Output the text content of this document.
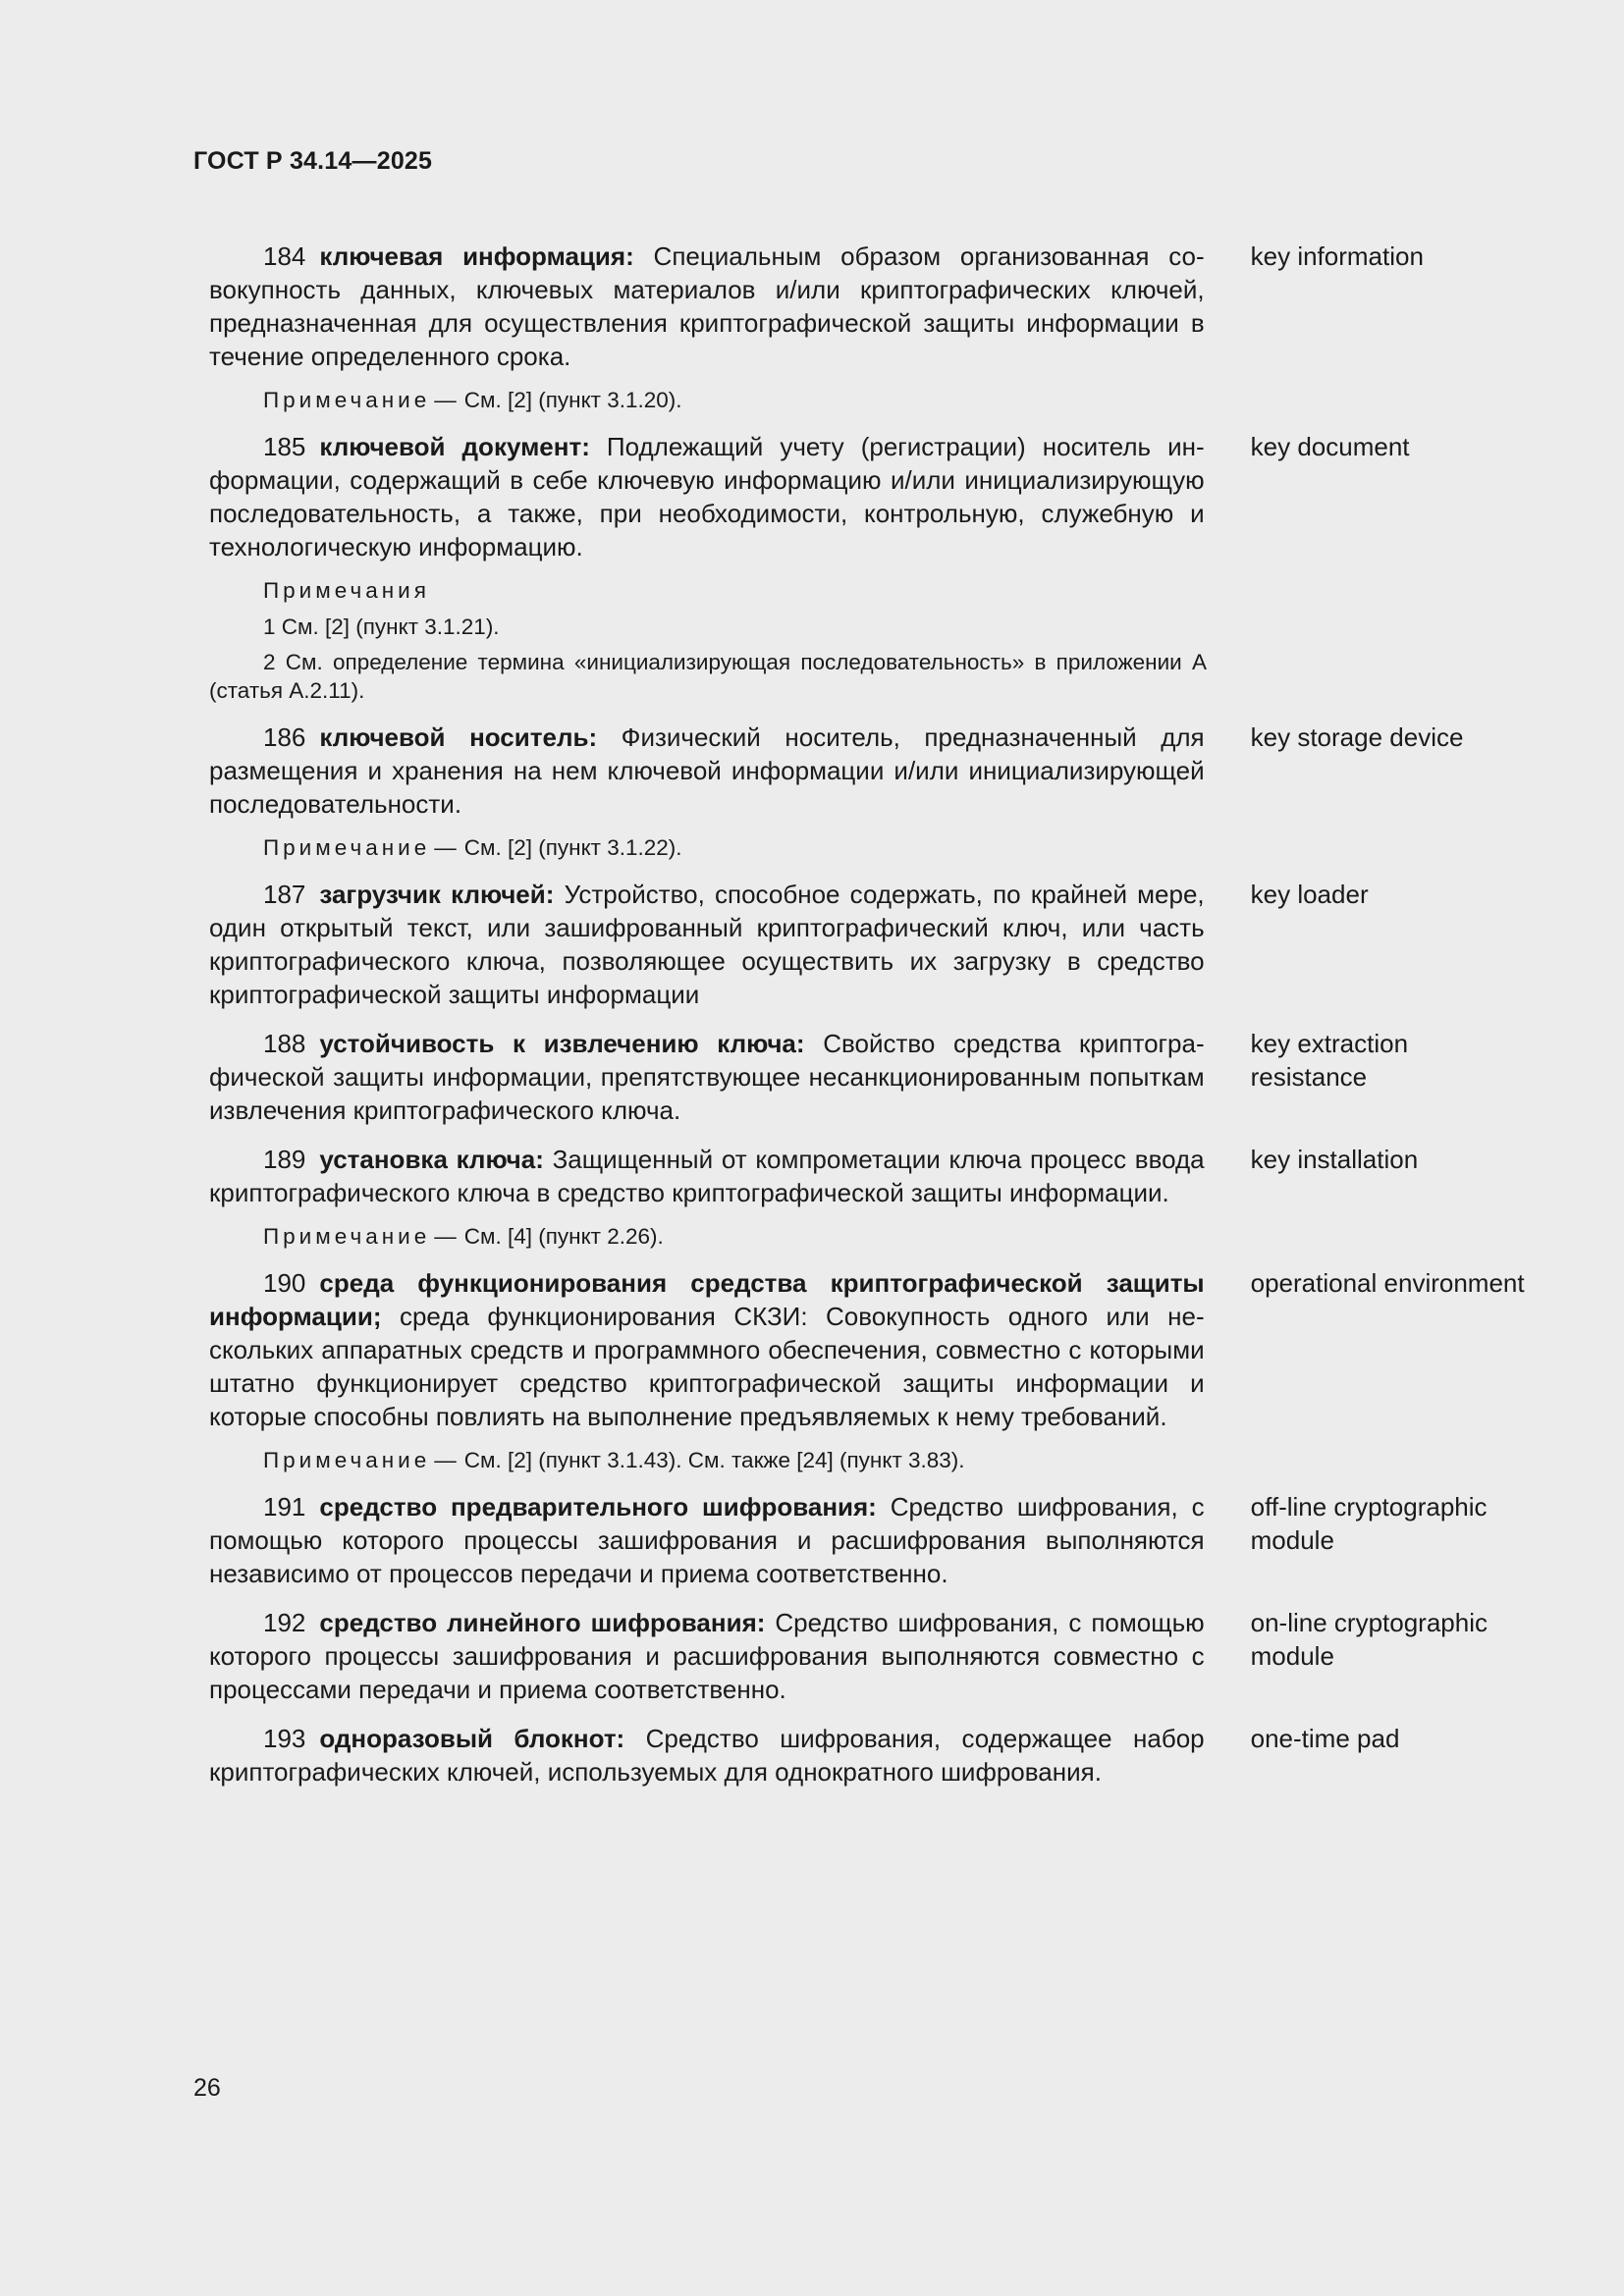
ГОСТ Р 34.14—2025
184 ключевая информация: Специальным образом организованная совокупность данных, ключевых материалов и/или криптографических ключей, предназначенная для осуществления криптографической защиты информации в течение определенного срока.
key information
Примечание — См. [2] (пункт 3.1.20).
185 ключевой документ: Подлежащий учету (регистрации) носитель информации, содержащий в себе ключевую информацию и/или инициализирующую последовательность, а также, при необходимости, контрольную, служебную и технологическую информацию.
key document
Примечания
1 См. [2] (пункт 3.1.21).
2 См. определение термина «инициализирующая последовательность» в приложении А (статья А.2.11).
186 ключевой носитель: Физический носитель, предназначенный для размещения и хранения на нем ключевой информации и/или инициализирующей последовательности.
key storage device
Примечание — См. [2] (пункт 3.1.22).
187 загрузчик ключей: Устройство, способное содержать, по крайней мере, один открытый текст, или зашифрованный криптографический ключ, или часть криптографического ключа, позволяющее осуществить их загрузку в средство криптографической защиты информации
key loader
188 устойчивость к извлечению ключа: Свойство средства криптографической защиты информации, препятствующее несанкционированным попыткам извлечения криптографического ключа.
key extraction resistance
189 установка ключа: Защищенный от компрометации ключа процесс ввода криптографического ключа в средство криптографической защиты информации.
key installation
Примечание — См. [4] (пункт 2.26).
190 среда функционирования средства криптографической защиты информации; среда функционирования СКЗИ: Совокупность одного или нескольких аппаратных средств и программного обеспечения, совместно с которыми штатно функционирует средство криптографической защиты информации и которые способны повлиять на выполнение предъявляемых к нему требований.
operational environment
Примечание — См. [2] (пункт 3.1.43). См. также [24] (пункт 3.83).
191 средство предварительного шифрования: Средство шифрования, с помощью которого процессы зашифрования и расшифрования выполняются независимо от процессов передачи и приема соответственно.
off-line cryptographic module
192 средство линейного шифрования: Средство шифрования, с помощью которого процессы зашифрования и расшифрования выполняются совместно с процессами передачи и приема соответственно.
on-line cryptographic module
193 одноразовый блокнот: Средство шифрования, содержащее набор криптографических ключей, используемых для однократного шифрования.
one-time pad
26
